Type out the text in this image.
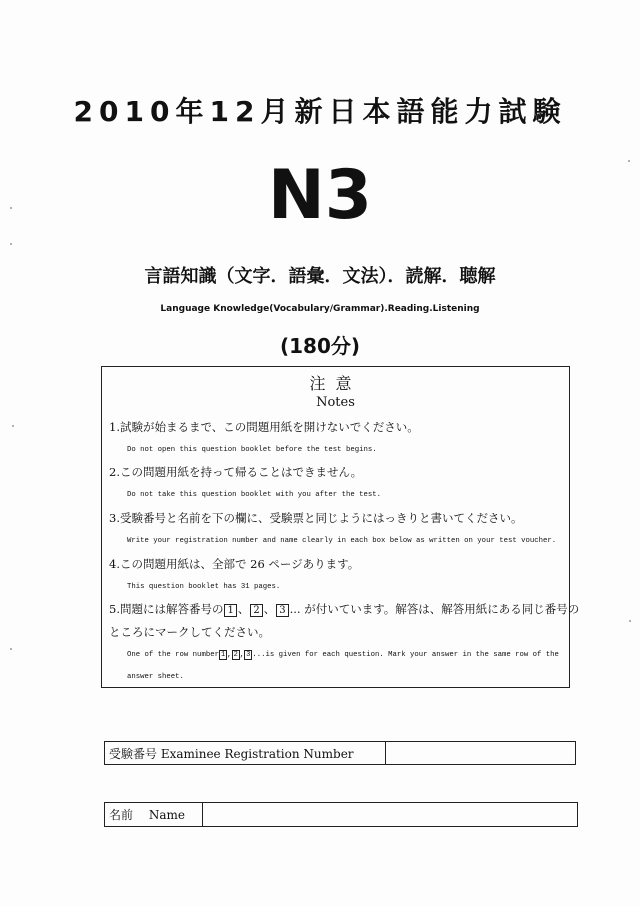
2010年12月新日本語能力試験
N3
言語知識（文字．語彙．文法）．読解．聴解
Language Knowledge(Vocabulary/Grammar).Reading.Listening
(180分)
注意
Notes
1.試験が始まるまで、この問題用紙を開けないでください。
Do not open this question booklet before the test begins.
2.この問題用紙を持って帰ることはできません。
Do not take this question booklet with you after the test.
3.受験番号と名前を下の欄に、受験票と同じようにはっきりと書いてください。
Write your registration number and name clearly in each box below as written on your test voucher.
4.この問題用紙は、全部で 26 ページあります。
This question booklet has 31 pages.
5.問題には解答番号の 1 、 2 、 3 ... が付いています。解答は、解答用紙にある同じ番号の
ところにマークしてください。
One of the row number 1 , 2 , 3 ...is given for each question. Mark your answer in the same row of the
answer sheet.
受験番号 Examinee Registration Number
名前　 Name
